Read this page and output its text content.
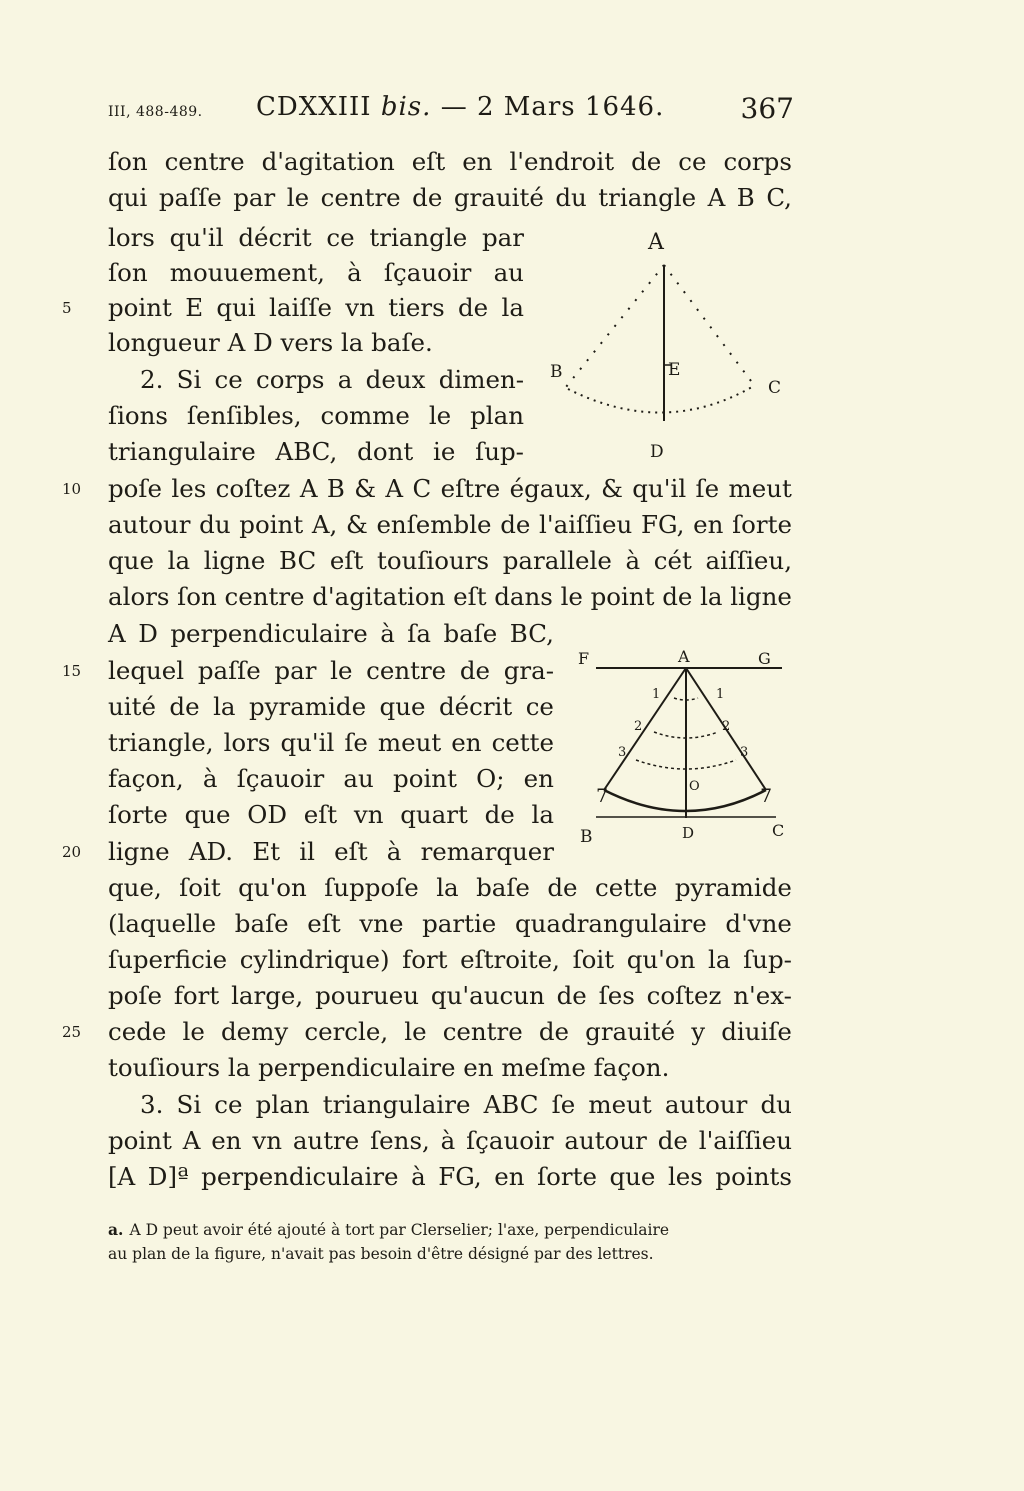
III, 488-489. CDXXIII bis. — 2 Mars 1646.	367
ſon centre d'agitation eſt en l'endroit de ce corps
qui paſſe par le centre de grauité du triangle A B C,
lors qu'il décrit ce triangle par
ſon mouuement, à ſçauoir au
point E qui laiſſe vn tiers de la
5
longueur A D vers la baſe.
2. Si ce corps a deux dimen-
ſions ſenſibles, comme le plan
triangulaire ABC, dont ie ſup-
poſe les coſtez A B & A C eſtre égaux, & qu'il ſe meut
10
autour du point A, & enſemble de l'aiſſieu FG, en ſorte
que la ligne BC eſt touſiours parallele à cét aiſſieu,
alors ſon centre d'agitation eſt dans le point de la ligne
A D perpendiculaire à ſa baſe BC,
lequel paſſe par le centre de gra-
15
uité de la pyramide que décrit ce
triangle, lors qu'il ſe meut en cette
façon, à ſçauoir au point O; en
ſorte que OD eſt vn quart de la
ligne AD. Et il eſt à remarquer
20
que, ſoit qu'on ſuppoſe la baſe de cette pyramide
(laquelle baſe eſt vne partie quadrangulaire d'vne
ſuperficie cylindrique) fort eſtroite, ſoit qu'on la ſup-
poſe fort large, pourueu qu'aucun de ſes coſtez n'ex-
cede le demy cercle, le centre de grauité y diuiſe
25
touſiours la perpendiculaire en meſme façon.
3. Si ce plan triangulaire ABC ſe meut autour du
point A en vn autre ſens, à ſçauoir autour de l'aiſſieu
[A D]ª perpendiculaire à FG, en ſorte que les points
A
B
C
E
D
F	A	G
1	1
2	2
3	3
7	7
O
B	D	C
a. A D peut avoir été ajouté à tort par Clerselier; l'axe, perpendiculaire
au plan de la figure, n'avait pas besoin d'être désigné par des lettres.
